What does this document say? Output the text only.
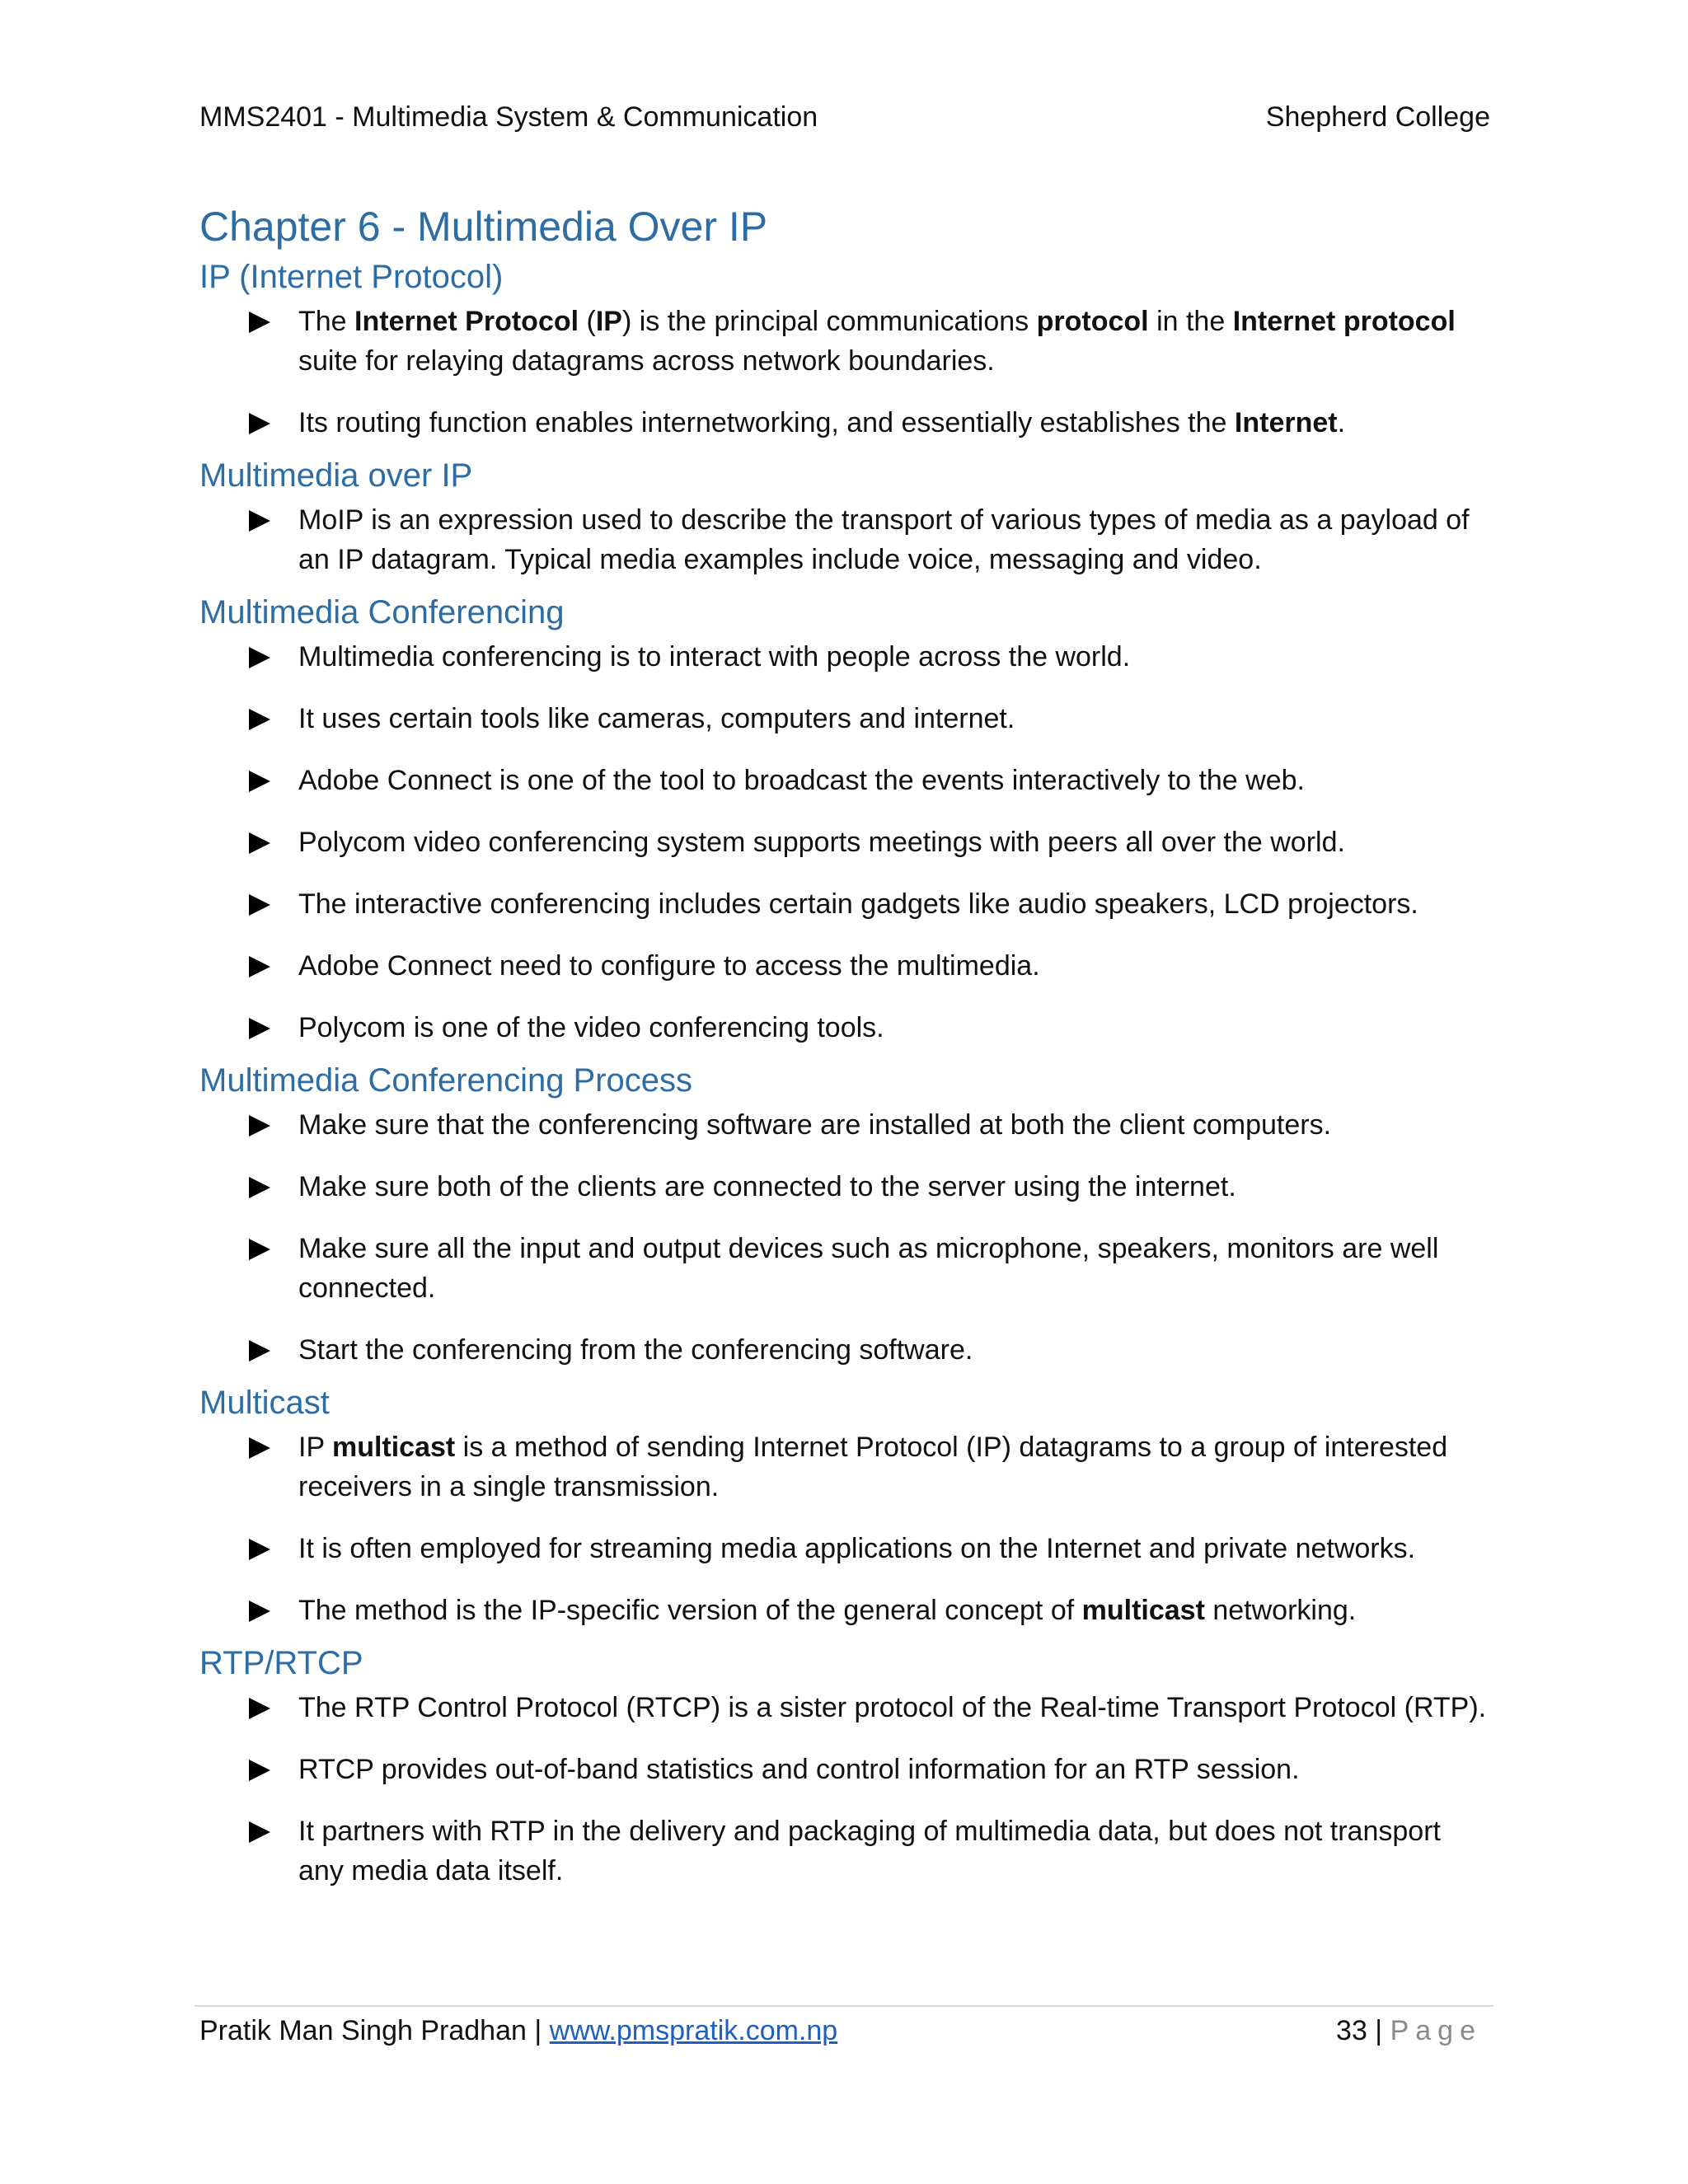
MMS2401 - Multimedia System & Communication	Shepherd College
Chapter 6 - Multimedia Over IP
IP (Internet Protocol)
The Internet Protocol (IP) is the principal communications protocol in the Internet protocol suite for relaying datagrams across network boundaries.
Its routing function enables internetworking, and essentially establishes the Internet.
Multimedia over IP
MoIP is an expression used to describe the transport of various types of media as a payload of an IP datagram. Typical media examples include voice, messaging and video.
Multimedia Conferencing
Multimedia conferencing is to interact with people across the world.
It uses certain tools like cameras, computers and internet.
Adobe Connect is one of the tool to broadcast the events interactively to the web.
Polycom video conferencing system supports meetings with peers all over the world.
The interactive conferencing includes certain gadgets like audio speakers, LCD projectors.
Adobe Connect need to configure to access the multimedia.
Polycom is one of the video conferencing tools.
Multimedia Conferencing Process
Make sure that the conferencing software are installed at both the client computers.
Make sure both of the clients are connected to the server using the internet.
Make sure all the input and output devices such as microphone, speakers, monitors are well connected.
Start the conferencing from the conferencing software.
Multicast
IP multicast is a method of sending Internet Protocol (IP) datagrams to a group of interested receivers in a single transmission.
It is often employed for streaming media applications on the Internet and private networks.
The method is the IP-specific version of the general concept of multicast networking.
RTP/RTCP
The RTP Control Protocol (RTCP) is a sister protocol of the Real-time Transport Protocol (RTP).
RTCP provides out-of-band statistics and control information for an RTP session.
It partners with RTP in the delivery and packaging of multimedia data, but does not transport any media data itself.
Pratik Man Singh Pradhan | www.pmspratik.com.np	33 | Page
